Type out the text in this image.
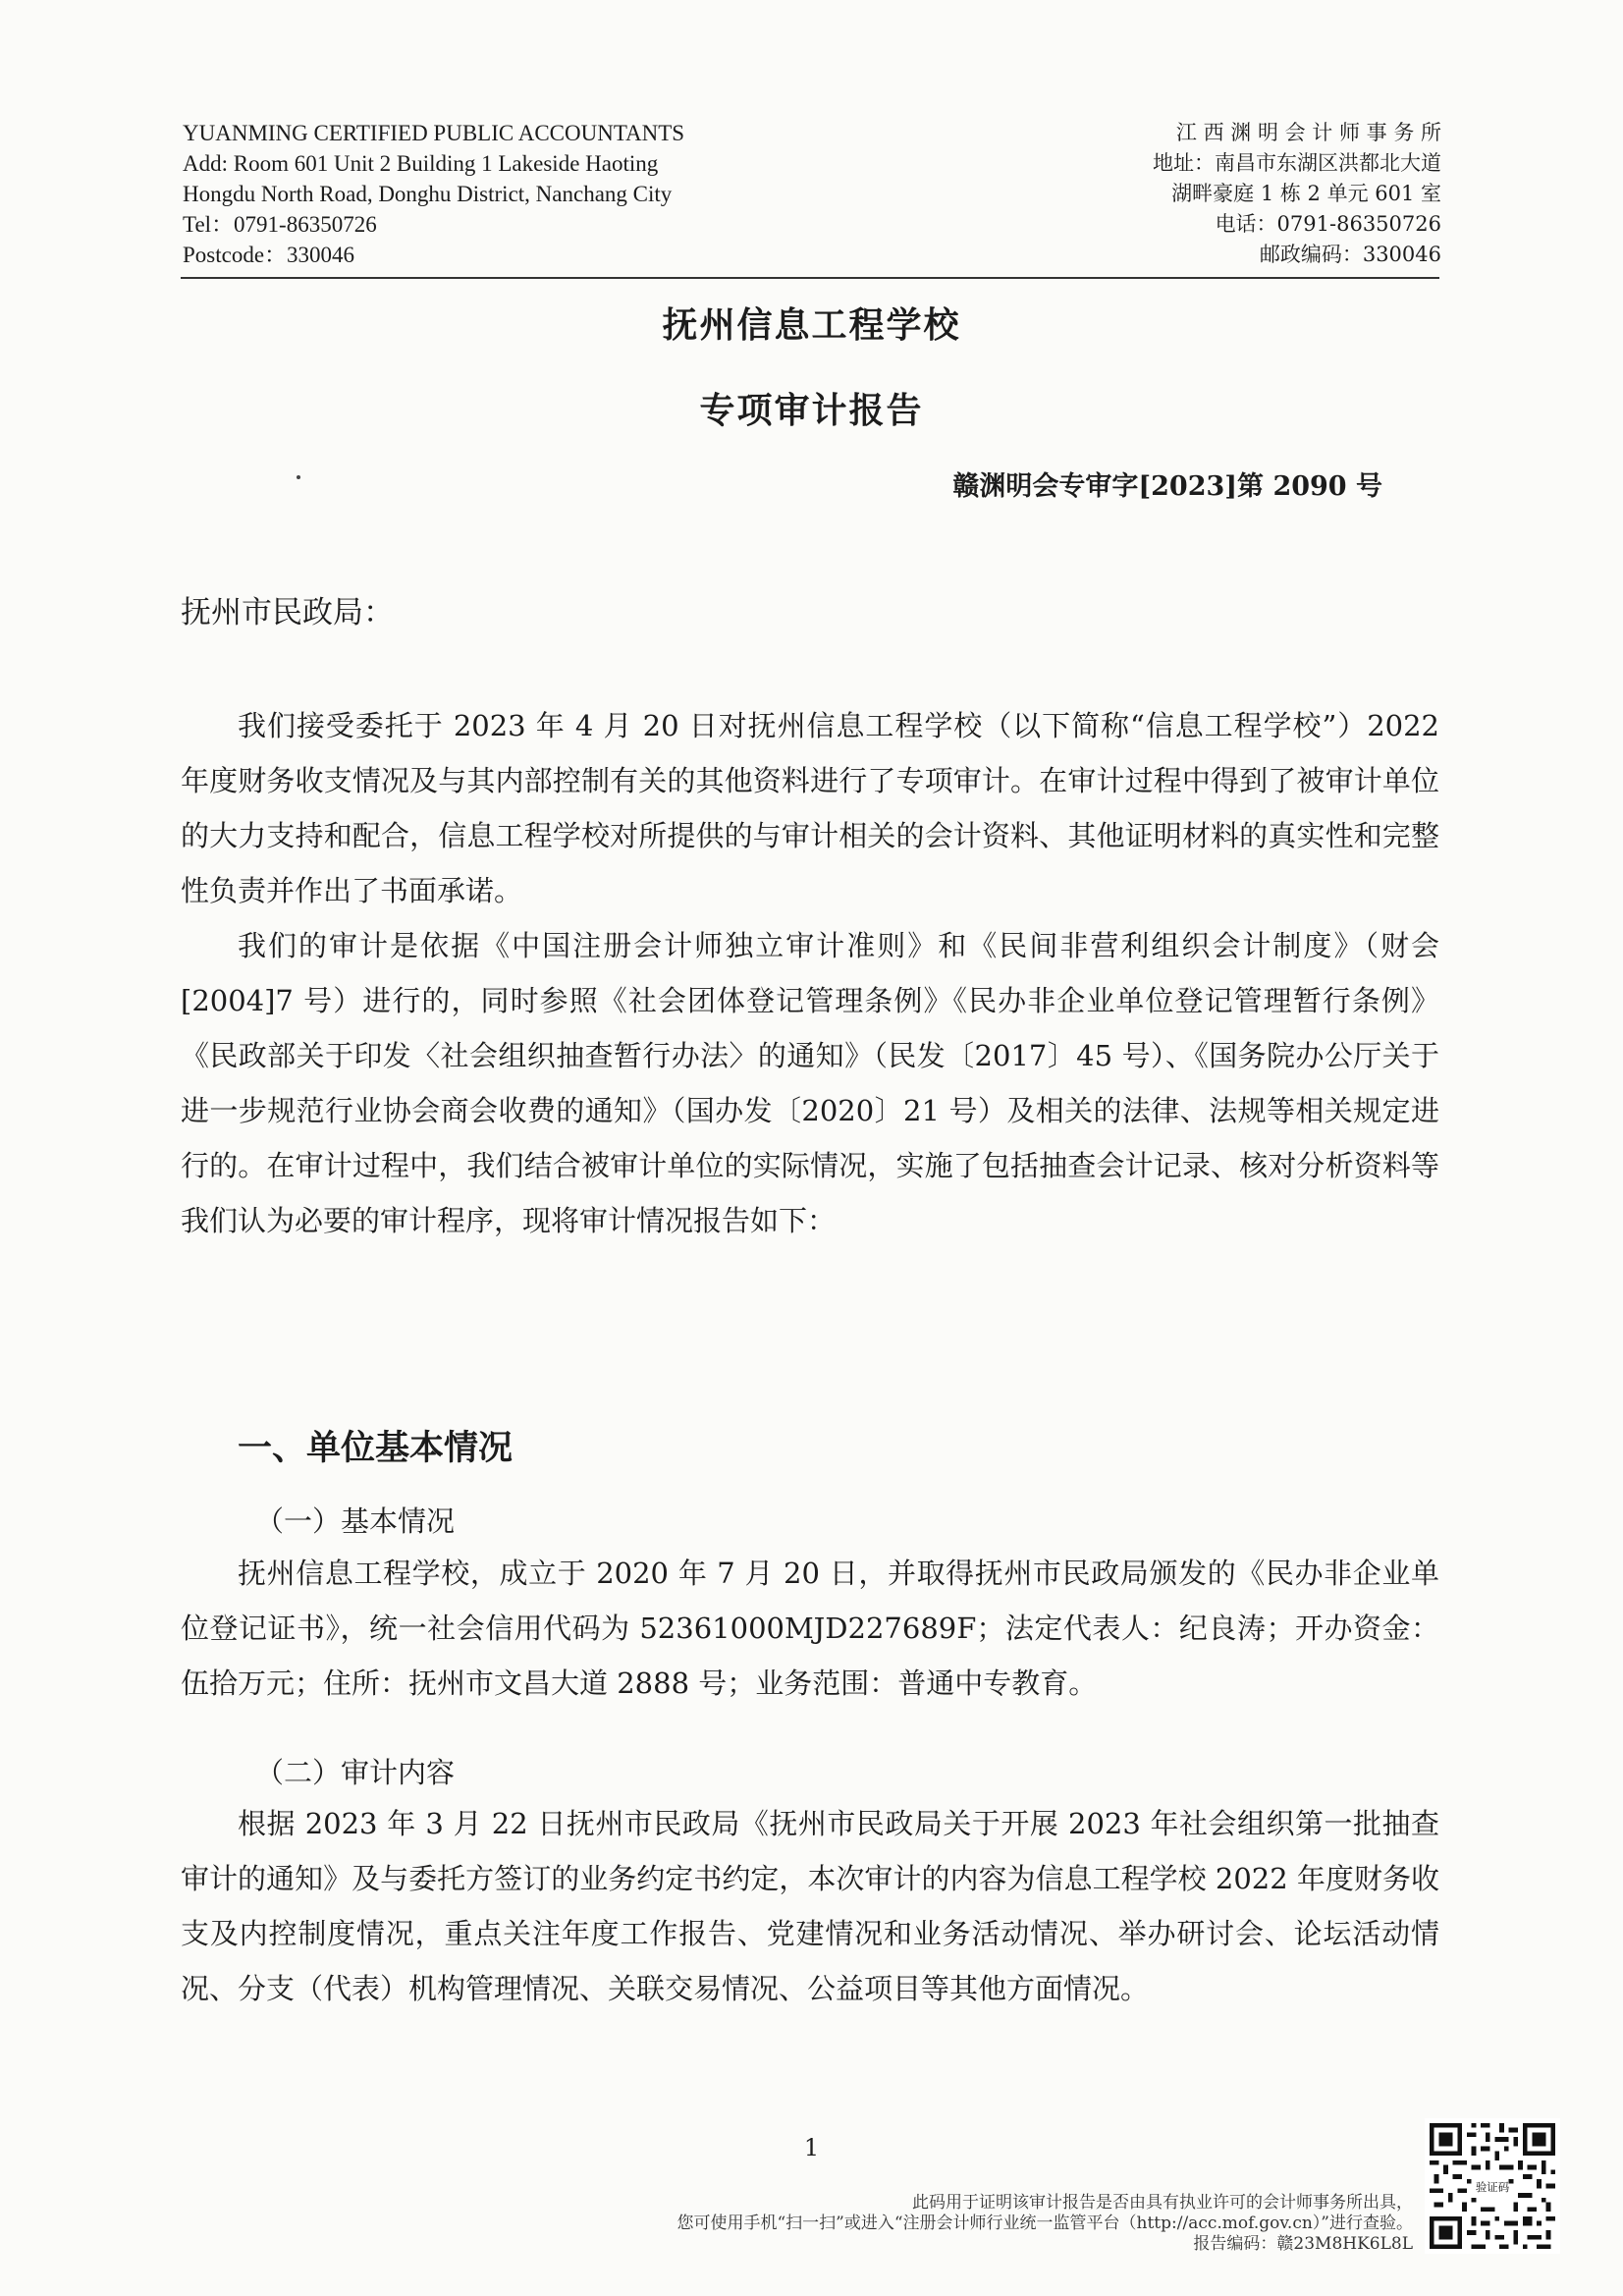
YUANMING CERTIFIED PUBLIC ACCOUNTANTS
Add: Room 601 Unit 2 Building 1 Lakeside Haoting
Hongdu North Road, Donghu District, Nanchang City
Tel：0791-86350726
Postcode：330046
江 西 渊 明 会 计 师 事 务 所
地址：南昌市东湖区洪都北大道
湖畔豪庭 1 栋 2 单元 601 室
电话：0791-86350726
邮政编码：330046
抚州信息工程学校
专项审计报告
赣渊明会专审字[2023]第 2090 号
抚州市民政局：

我们接受委托于 2023 年 4 月 20 日对抚州信息工程学校（以下简称“信息工程学校”）2022 年度财务收支情况及与其内部控制有关的其他资料进行了专项审计。在审计过程中得到了被审计单位的大力支持和配合，信息工程学校对所提供的与审计相关的会计资料、其他证明材料的真实性和完整性负责并作出了书面承诺。

我们的审计是依据《中国注册会计师独立审计准则》和《民间非营利组织会计制度》（财会[2004]7 号）进行的，同时参照《社会团体登记管理条例》《民办非企业单位登记管理暂行条例》《民政部关于印发〈社会组织抽查暂行办法〉的通知》（民发〔2017〕45 号）、《国务院办公厅关于进一步规范行业协会商会收费的通知》（国办发〔2020〕21 号）及相关的法律、法规等相关规定进行的。在审计过程中，我们结合被审计单位的实际情况，实施了包括抽查会计记录、核对分析资料等我们认为必要的审计程序，现将审计情况报告如下：

一、单位基本情况
（一）基本情况

抚州信息工程学校，成立于 2020 年 7 月 20 日，并取得抚州市民政局颁发的《民办非企业单位登记证书》，统一社会信用代码为 52361000MJD227689F；法定代表人：纪良涛；开办资金：伍拾万元；住所：抚州市文昌大道 2888 号；业务范围：普通中专教育。

（二）审计内容

根据 2023 年 3 月 22 日抚州市民政局《抚州市民政局关于开展 2023 年社会组织第一批抽查审计的通知》及与委托方签订的业务约定书约定，本次审计的内容为信息工程学校 2022 年度财务收支及内控制度情况，重点关注年度工作报告、党建情况和业务活动情况、举办研讨会、论坛活动情况、分支（代表）机构管理情况、关联交易情况、公益项目等其他方面情况。

1
此码用于证明该审计报告是否由具有执业许可的会计师事务所出具，
您可使用手机“扫一扫”或进入“注册会计师行业统一监管平台（http://acc.mof.gov.cn）”进行查验。
报告编码：赣23M8HK6L8L
验证码
